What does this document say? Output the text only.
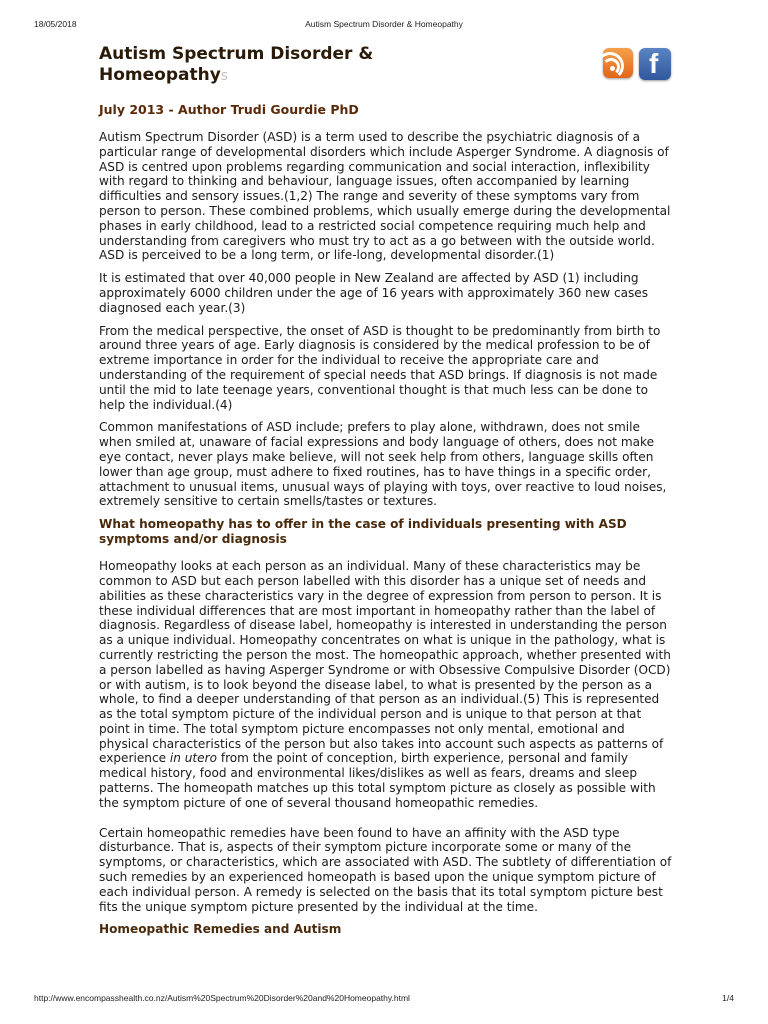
18/05/2018	Autism Spectrum Disorder & Homeopathy
Autism Spectrum Disorder &
Homeopathys	f
July 2013 - Author Trudi Gourdie PhD

Autism Spectrum Disorder (ASD) is a term used to describe the psychiatric diagnosis of a particular range of developmental disorders which include Asperger Syndrome. A diagnosis of ASD is centred upon problems regarding communication and social interaction, inflexibility with regard to thinking and behaviour, language issues, often accompanied by learning difficulties and sensory issues.(1,2) The range and severity of these symptoms vary from person to person. These combined problems, which usually emerge during the developmental phases in early childhood, lead to a restricted social competence requiring much help and understanding from caregivers who must try to act as a go between with the outside world. ASD is perceived to be a long term, or life-long, developmental disorder.(1)

It is estimated that over 40,000 people in New Zealand are affected by ASD (1) including approximately 6000 children under the age of 16 years with approximately 360 new cases diagnosed each year.(3)

From the medical perspective, the onset of ASD is thought to be predominantly from birth to around three years of age. Early diagnosis is considered by the medical profession to be of extreme importance in order for the individual to receive the appropriate care and understanding of the requirement of special needs that ASD brings. If diagnosis is not made until the mid to late teenage years, conventional thought is that much less can be done to help the individual.(4)

Common manifestations of ASD include; prefers to play alone, withdrawn, does not smile when smiled at, unaware of facial expressions and body language of others, does not make eye contact, never plays make believe, will not seek help from others, language skills often lower than age group, must adhere to fixed routines, has to have things in a specific order, attachment to unusual items, unusual ways of playing with toys, over reactive to loud noises, extremely sensitive to certain smells/tastes or textures.

What homeopathy has to offer in the case of individuals presenting with ASD symptoms and/or diagnosis

Homeopathy looks at each person as an individual. Many of these characteristics may be common to ASD but each person labelled with this disorder has a unique set of needs and abilities as these characteristics vary in the degree of expression from person to person. It is these individual differences that are most important in homeopathy rather than the label of diagnosis. Regardless of disease label, homeopathy is interested in understanding the person as a unique individual. Homeopathy concentrates on what is unique in the pathology, what is currently restricting the person the most. The homeopathic approach, whether presented with a person labelled as having Asperger Syndrome or with Obsessive Compulsive Disorder (OCD) or with autism, is to look beyond the disease label, to what is presented by the person as a whole, to find a deeper understanding of that person as an individual.(5) This is represented as the total symptom picture of the individual person and is unique to that person at that point in time. The total symptom picture encompasses not only mental, emotional and physical characteristics of the person but also takes into account such aspects as patterns of experience in utero from the point of conception, birth experience, personal and family medical history, food and environmental likes/dislikes as well as fears, dreams and sleep patterns. The homeopath matches up this total symptom picture as closely as possible with the symptom picture of one of several thousand homeopathic remedies.

Certain homeopathic remedies have been found to have an affinity with the ASD type disturbance. That is, aspects of their symptom picture incorporate some or many of the symptoms, or characteristics, which are associated with ASD. The subtlety of differentiation of such remedies by an experienced homeopath is based upon the unique symptom picture of each individual person. A remedy is selected on the basis that its total symptom picture best fits the unique symptom picture presented by the individual at the time.

Homeopathic Remedies and Autism
http://www.encompasshealth.co.nz/Autism%20Spectrum%20Disorder%20and%20Homeopathy.html	1/4
